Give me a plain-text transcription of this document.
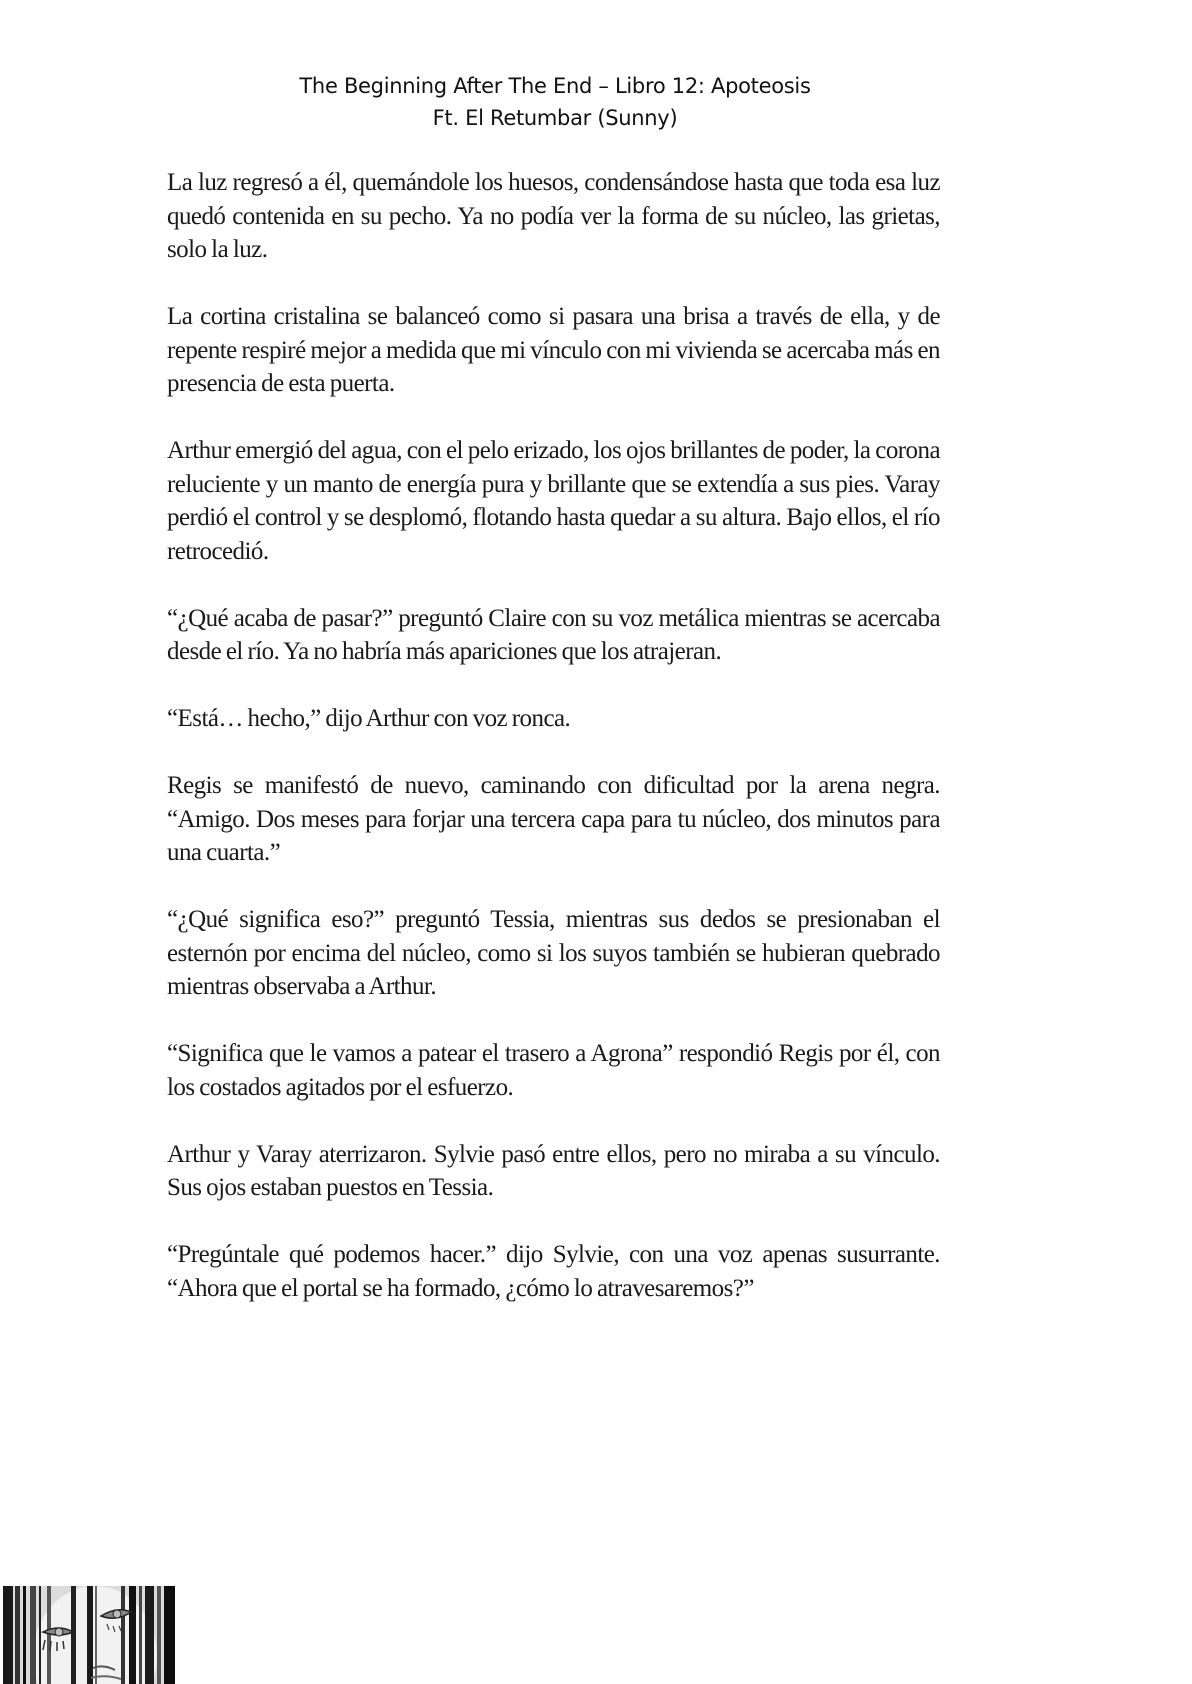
The Beginning After The End – Libro 12: Apoteosis
Ft. El Retumbar (Sunny)

La luz regresó a él, quemándole los huesos, condensándose hasta que toda esa luz quedó contenida en su pecho. Ya no podía ver la forma de su núcleo, las grietas, solo la luz.

La cortina cristalina se balanceó como si pasara una brisa a través de ella, y de repente respiré mejor a medida que mi vínculo con mi vivienda se acercaba más en presencia de esta puerta.

Arthur emergió del agua, con el pelo erizado, los ojos brillantes de poder, la corona reluciente y un manto de energía pura y brillante que se extendía a sus pies. Varay perdió el control y se desplomó, flotando hasta quedar a su altura. Bajo ellos, el río retrocedió.

“¿Qué acaba de pasar?” preguntó Claire con su voz metálica mientras se acercaba desde el río. Ya no habría más apariciones que los atrajeran.

“Está… hecho,” dijo Arthur con voz ronca.

Regis se manifestó de nuevo, caminando con dificultad por la arena negra. “Amigo. Dos meses para forjar una tercera capa para tu núcleo, dos minutos para una cuarta.”

“¿Qué significa eso?” preguntó Tessia, mientras sus dedos se presionaban el esternón por encima del núcleo, como si los suyos también se hubieran quebrado mientras observaba a Arthur.

“Significa que le vamos a patear el trasero a Agrona” respondió Regis por él, con los costados agitados por el esfuerzo.

Arthur y Varay aterrizaron. Sylvie pasó entre ellos, pero no miraba a su vínculo. Sus ojos estaban puestos en Tessia.

“Pregúntale qué podemos hacer.” dijo Sylvie, con una voz apenas susurrante. “Ahora que el portal se ha formado, ¿cómo lo atravesaremos?”
